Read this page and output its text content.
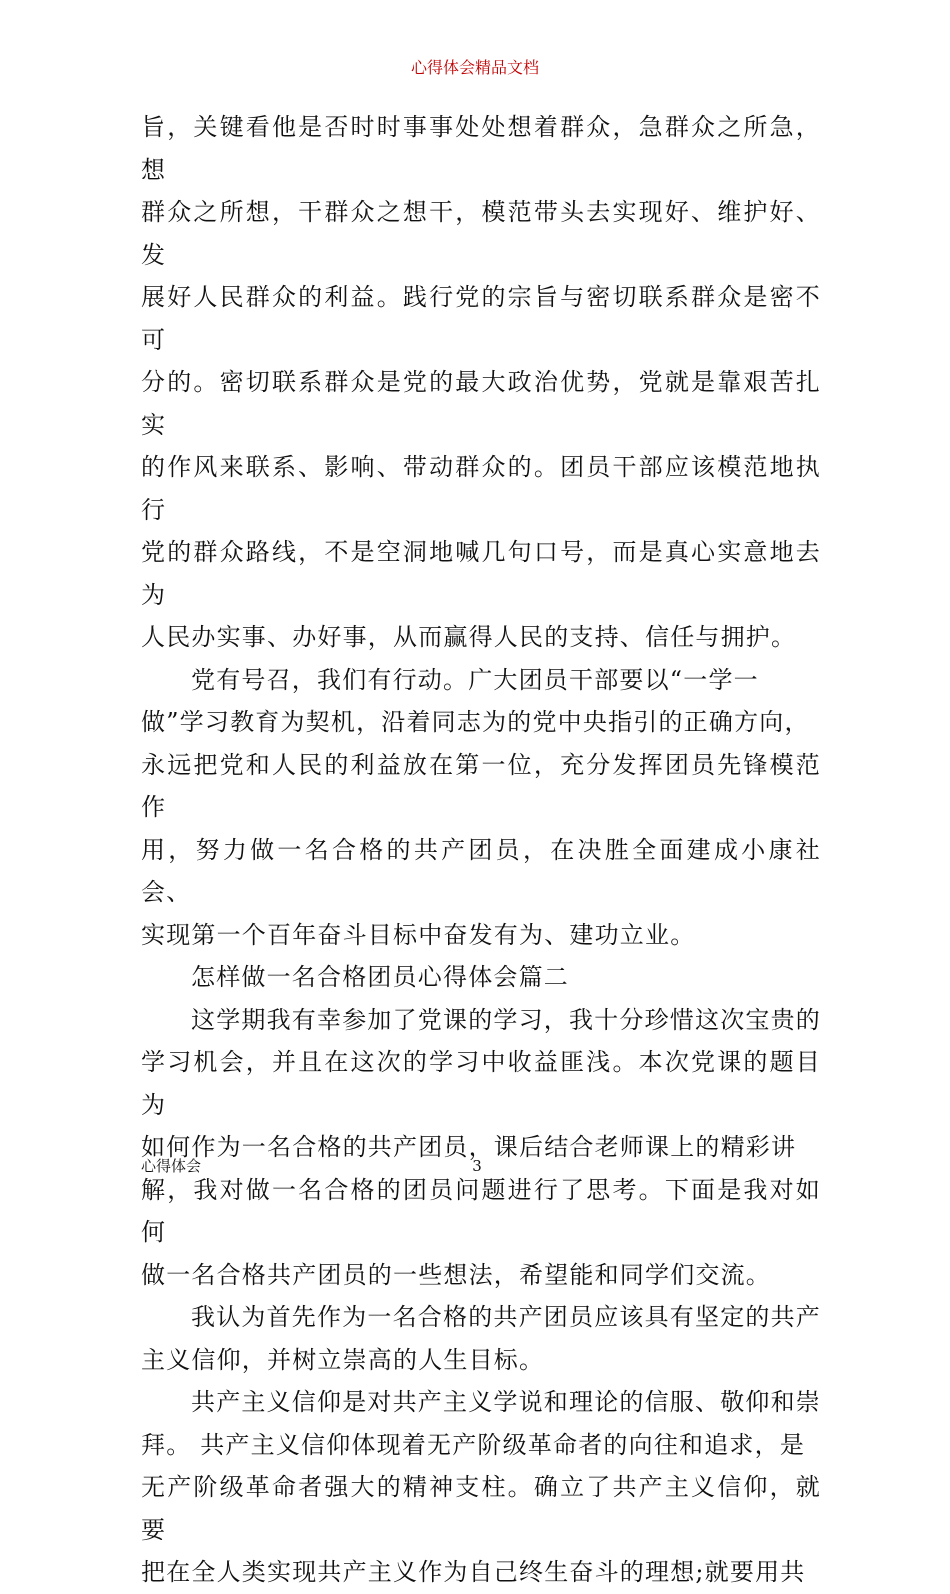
心得体会精品文档

旨，关键看他是否时时事事处处想着群众，急群众之所急，想
群众之所想，干群众之想干，模范带头去实现好、维护好、发
展好人民群众的利益。践行党的宗旨与密切联系群众是密不可
分的。密切联系群众是党的最大政治优势，党就是靠艰苦扎实
的作风来联系、影响、带动群众的。团员干部应该模范地执行
党的群众路线，不是空洞地喊几句口号，而是真心实意地去为
人民办实事、办好事，从而赢得人民的支持、信任与拥护。

党有号召，我们有行动。广大团员干部要以“一学一
做”学习教育为契机，沿着同志为的党中央指引的正确方向，
永远把党和人民的利益放在第一位，充分发挥团员先锋模范作
用，努力做一名合格的共产团员，在决胜全面建成小康社会、
实现第一个百年奋斗目标中奋发有为、建功立业。

怎样做一名合格团员心得体会篇二

这学期我有幸参加了党课的学习，我十分珍惜这次宝贵的
学习机会，并且在这次的学习中收益匪浅。本次党课的题目为
如何作为一名合格的共产团员，课后结合老师课上的精彩讲
解，我对做一名合格的团员问题进行了思考。下面是我对如何
做一名合格共产团员的一些想法，希望能和同学们交流。

我认为首先作为一名合格的共产团员应该具有坚定的共产
主义信仰，并树立崇高的人生目标。

共产主义信仰是对共产主义学说和理论的信服、敬仰和崇
拜。 共产主义信仰体现着无产阶级革命者的向往和追求，是
无产阶级革命者强大的精神支柱。确立了共产主义信仰，就要
把在全人类实现共产主义作为自己终生奋斗的理想;就要用共

心得体会	3
